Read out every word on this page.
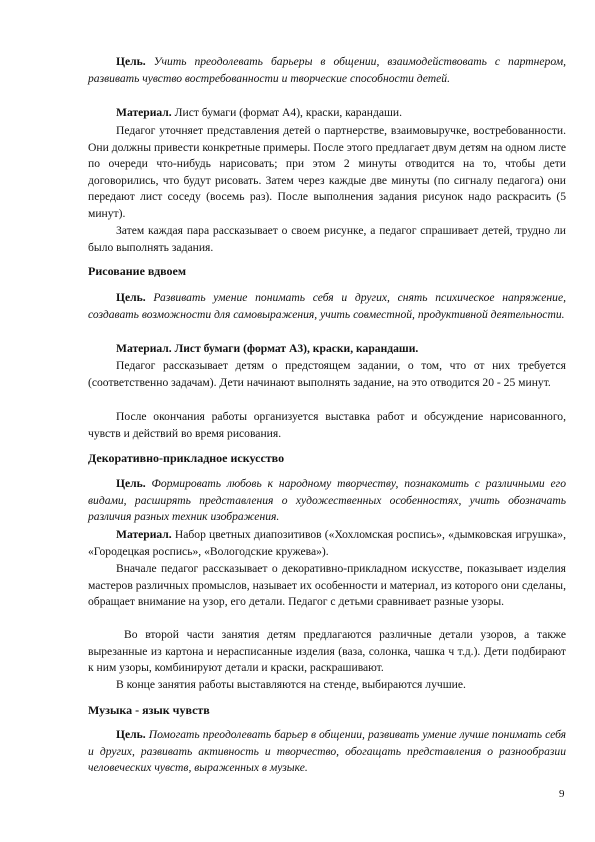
Цель. Учить преодолевать барьеры в общении, взаимодействовать с партнером, развивать чувство востребованности и творческие способности детей.
Материал. Лист бумаги (формат А4), краски, карандаши.
Педагог уточняет представления детей о партнерстве, взаимовыручке, востребованности. Они должны привести конкретные примеры. После этого предлагает двум детям на одном листе по очереди что-нибудь нарисовать; при этом 2 минуты отводится на то, чтобы дети договорились, что будут рисовать. Затем через каждые две минуты (по сигналу педагога) они передают лист соседу (восемь раз). После выполнения задания рисунок надо раскрасить (5 минут).
Затем каждая пара рассказывает о своем рисунке, а педагог спрашивает детей, трудно ли было выполнять задания.
Рисование вдвоем
Цель. Развивать умение понимать себя и других, снять психическое напряжение, создавать возможности для самовыражения, учить совместной, продуктивной деятельности.
Материал. Лист бумаги (формат А3), краски, карандаши.
Педагог рассказывает детям о предстоящем задании, о том, что от них требуется (соответственно задачам). Дети начинают выполнять задание, на это отводится 20 - 25 минут.
После окончания работы организуется выставка работ и обсуждение нарисованного, чувств и действий во время рисования.
Декоративно-прикладное искусство
Цель. Формировать любовь к народному творчеству, познакомить с различными его видами, расширять представления о художественных особенностях, учить обозначать различия разных техник изображения.
Материал. Набор цветных диапозитивов («Хохломская роспись», «дымковская игрушка», «Городецкая роспись», «Вологодские кружева»).
Вначале педагог рассказывает о декоративно-прикладном искусстве, показывает изделия мастеров различных промыслов, называет их особенности и материал, из которого они сделаны, обращает внимание на узор, его детали. Педагог с детьми сравнивает разные узоры.
Во второй части занятия детям предлагаются различные детали узоров, а также вырезанные из картона и нерасписанные изделия (ваза, солонка, чашка ч т.д.). Дети подбирают к ним узоры, комбинируют детали и краски, раскрашивают.
В конце занятия работы выставляются на стенде, выбираются лучшие.
Музыка - язык чувств
Цель. Помогать преодолевать барьер в общении, развивать умение лучше понимать себя и других, развивать активность и творчество, обогащать представления о разнообразии человеческих чувств, выраженных в музыке.
9
